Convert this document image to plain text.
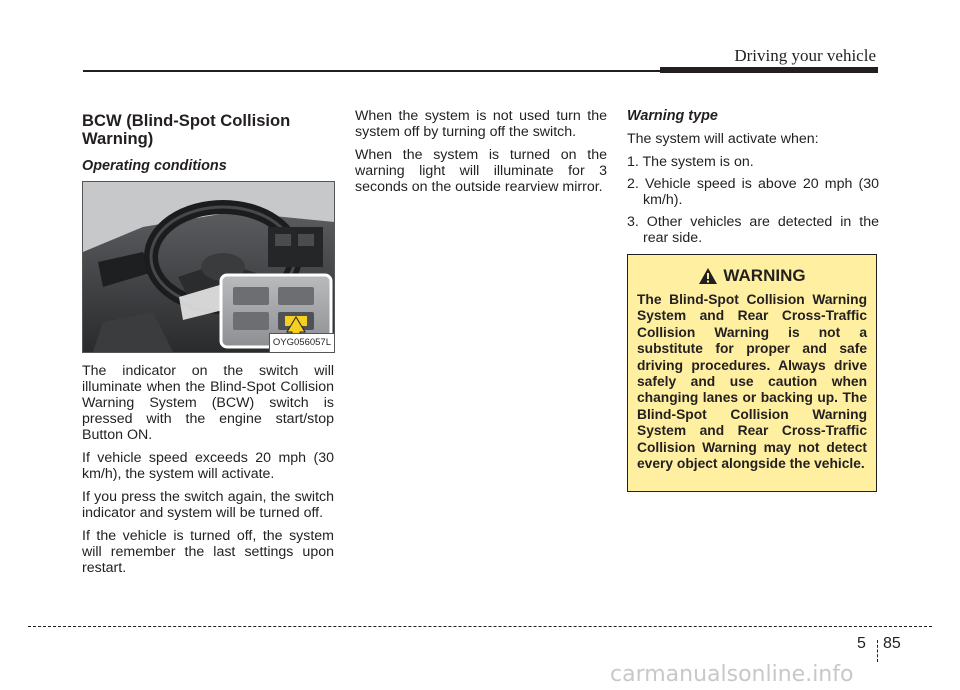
Driving your vehicle
BCW (Blind-Spot Collision Warning)
Operating conditions
OYG056057L

The indicator on the switch will illuminate when the Blind-Spot Collision Warning System (BCW) switch is pressed with the engine start/stop Button ON.

If vehicle speed exceeds 20 mph (30 km/h), the system will activate.

If you press the switch again, the switch indicator and system will be turned off.

If the vehicle is turned off, the system will remember the last settings upon restart.

When the system is not used turn the system off by turning off the switch.

When the system is turned on the warning light will illuminate for 3 seconds on the outside rearview mirror.

Warning type

The system will activate when:

1. The system is on.
2. Vehicle speed is above 20 mph (30 km/h).
3. Other vehicles are detected in the rear side.
WARNING

The Blind-Spot Collision Warning System and Rear Cross-Traffic Collision Warning is not a substitute for proper and safe driving procedures. Always drive safely and use caution when changing lanes or backing up. The Blind-Spot Collision Warning System and Rear Cross-Traffic Collision Warning may not detect every object alongside the vehicle.

5 85
carmanualsonline.info
